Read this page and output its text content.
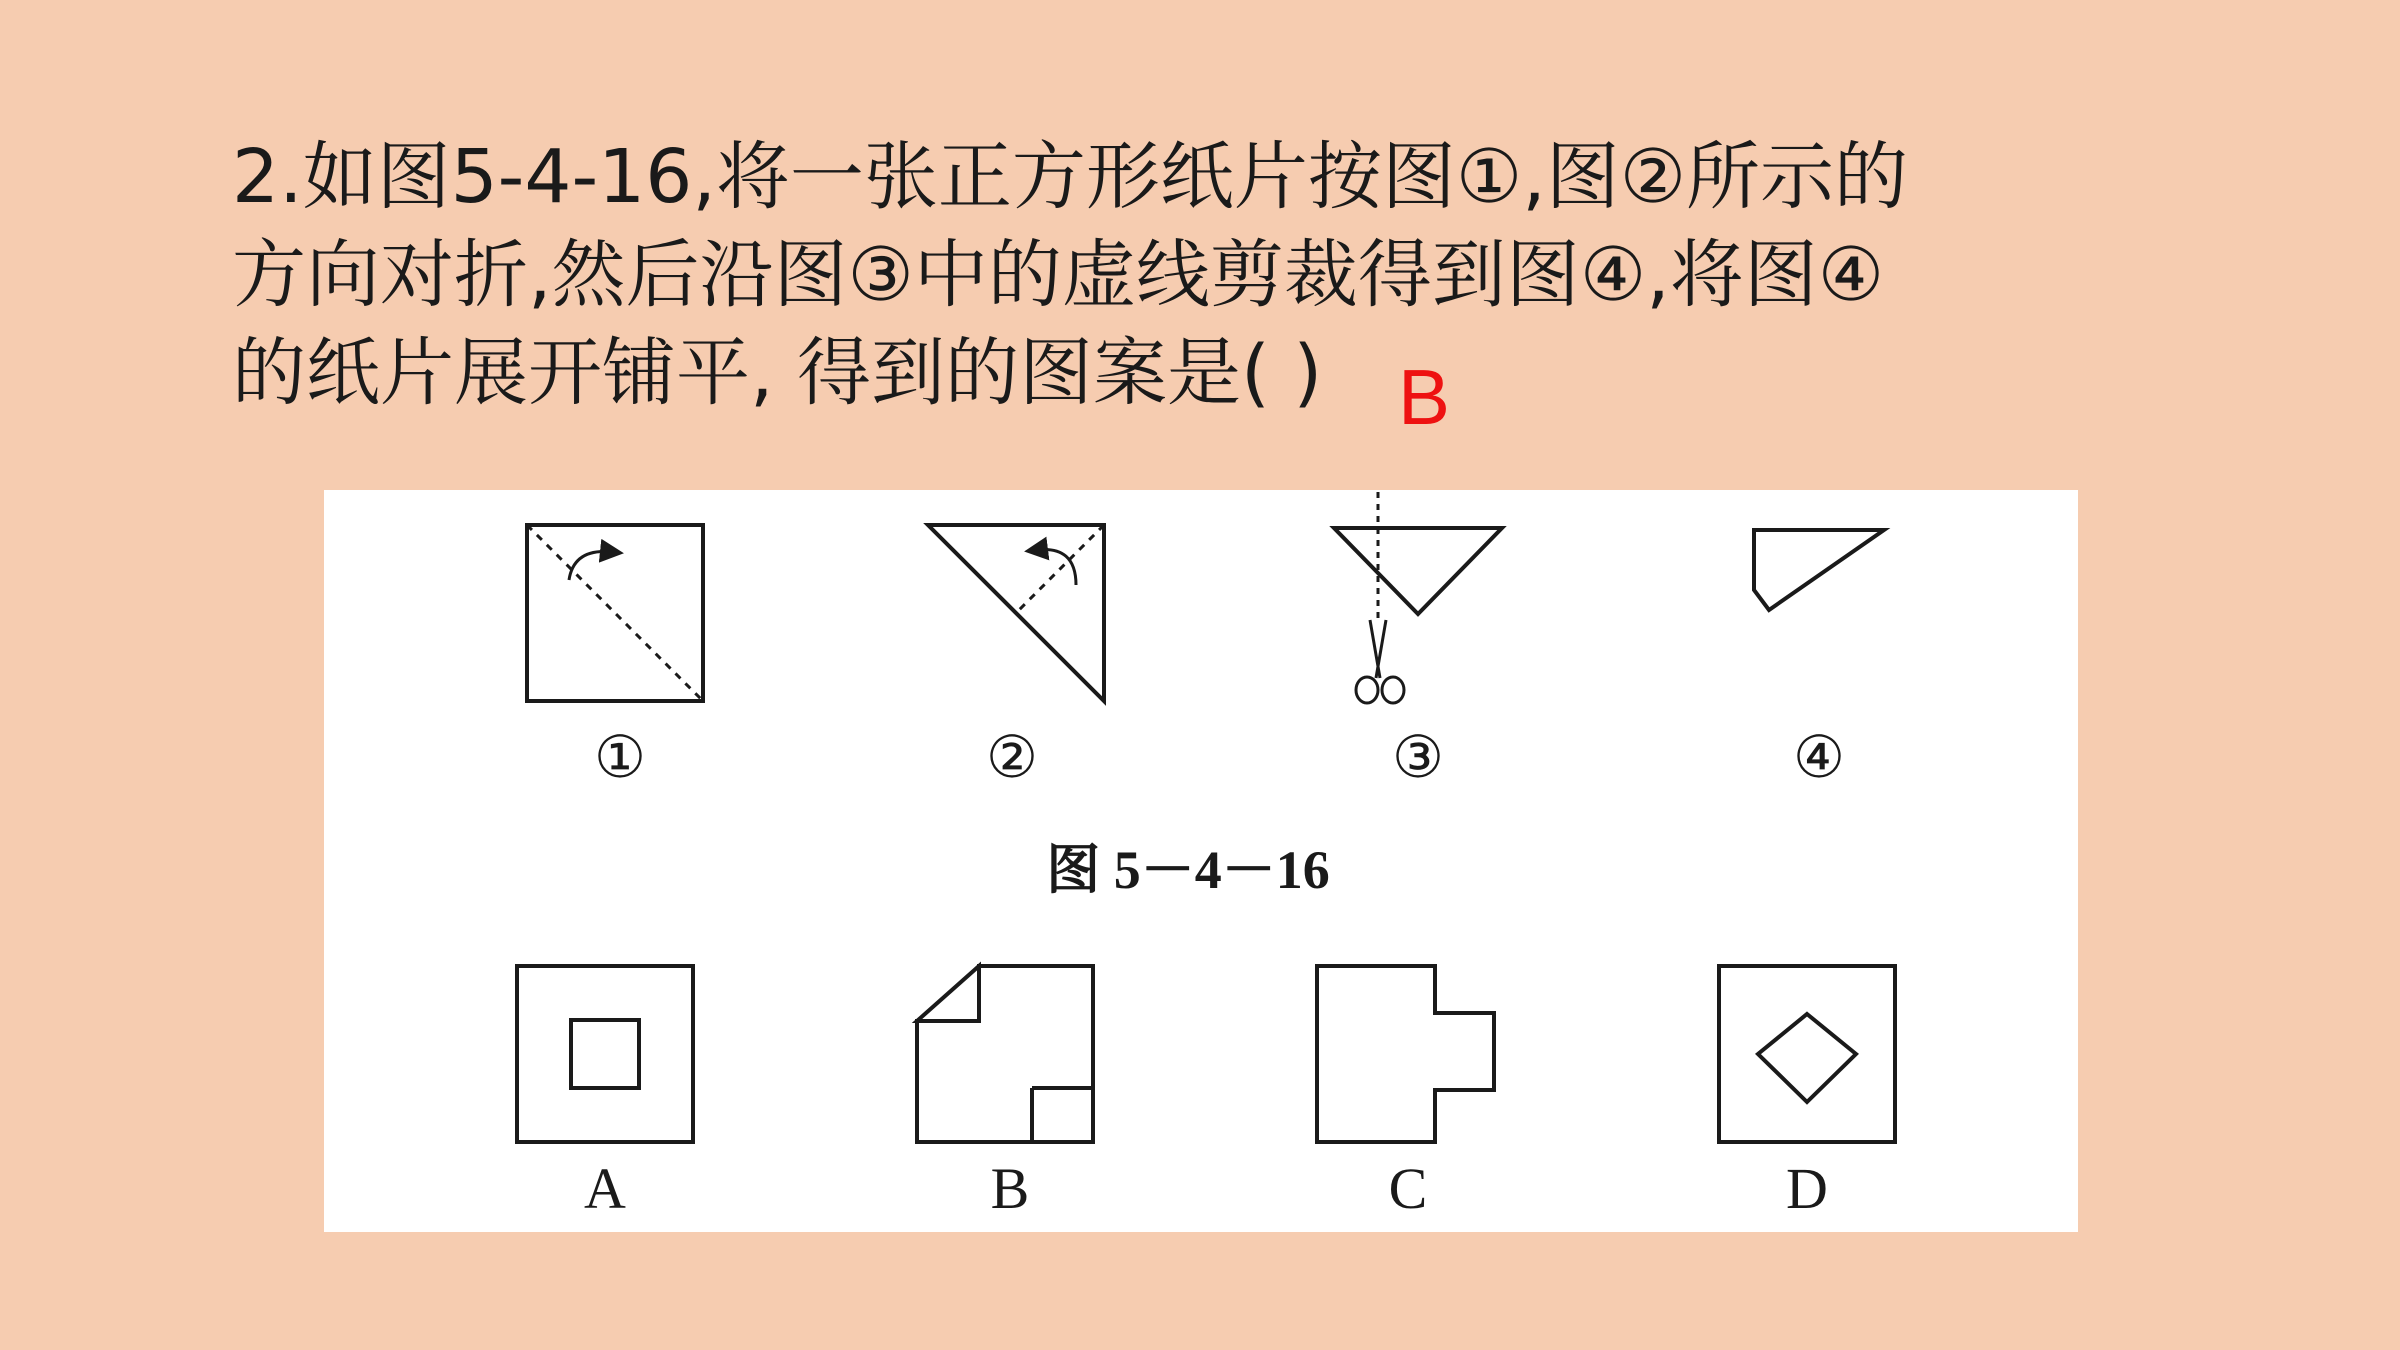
2.如图5-4-16,将一张正方形纸片按图①,图②所示的
方向对折,然后沿图③中的虚线剪裁得到图④,将图④
的纸片展开铺平, 得到的图案是( ) B
①	②	③	④
图 5－4－16
A	B	C	D
